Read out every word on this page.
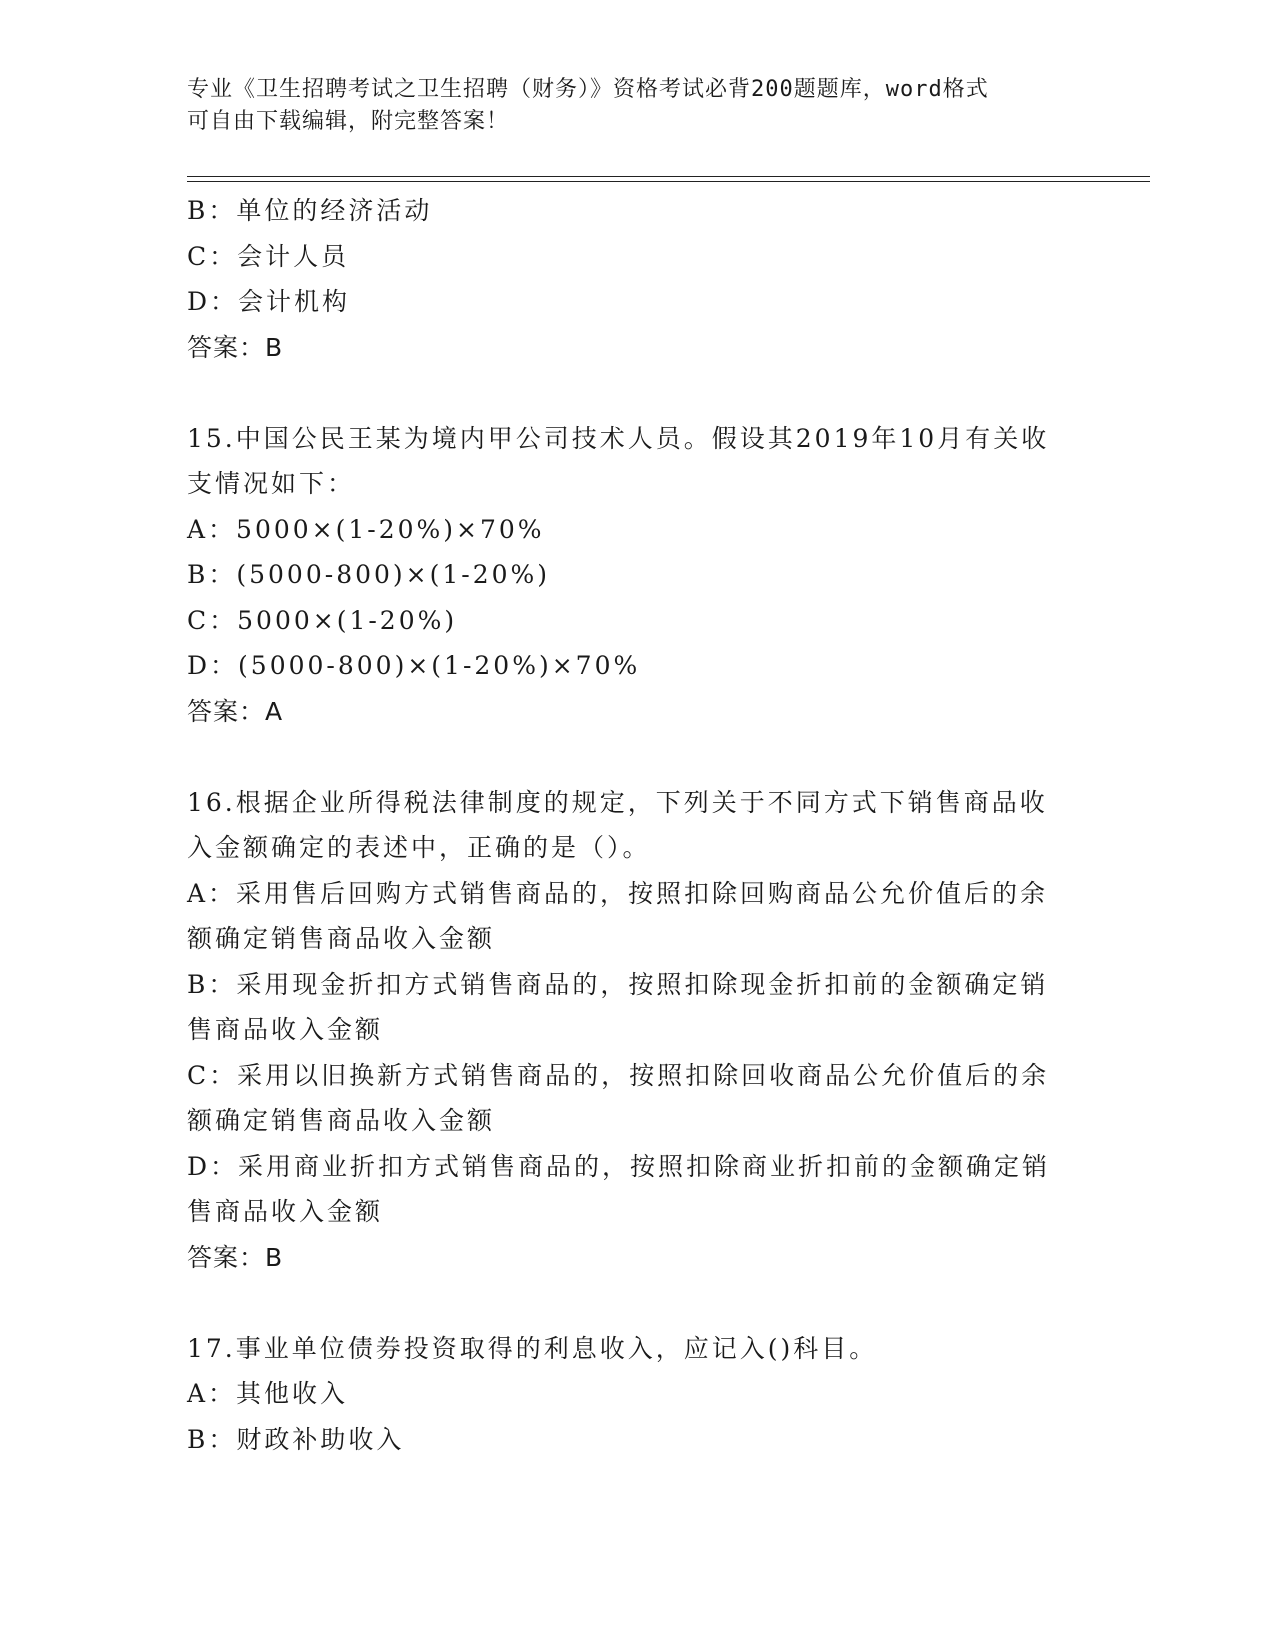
专业《卫生招聘考试之卫生招聘（财务）》资格考试必背200题题库，word格式
可自由下载编辑，附完整答案！
B：单位的经济活动
C：会计人员
D：会计机构
答案：B
15.中国公民王某为境内甲公司技术人员。假设其2019年10月有关收
支情况如下：
A：5000×(1-20%)×70%
B：(5000-800)×(1-20%)
C：5000×(1-20%)
D：(5000-800)×(1-20%)×70%
答案：A
16.根据企业所得税法律制度的规定，下列关于不同方式下销售商品收
入金额确定的表述中，正确的是（）。
A：采用售后回购方式销售商品的，按照扣除回购商品公允价值后的余
额确定销售商品收入金额
B：采用现金折扣方式销售商品的，按照扣除现金折扣前的金额确定销
售商品收入金额
C：采用以旧换新方式销售商品的，按照扣除回收商品公允价值后的余
额确定销售商品收入金额
D：采用商业折扣方式销售商品的，按照扣除商业折扣前的金额确定销
售商品收入金额
答案：B
17.事业单位债券投资取得的利息收入，应记入()科目。
A：其他收入
B：财政补助收入
